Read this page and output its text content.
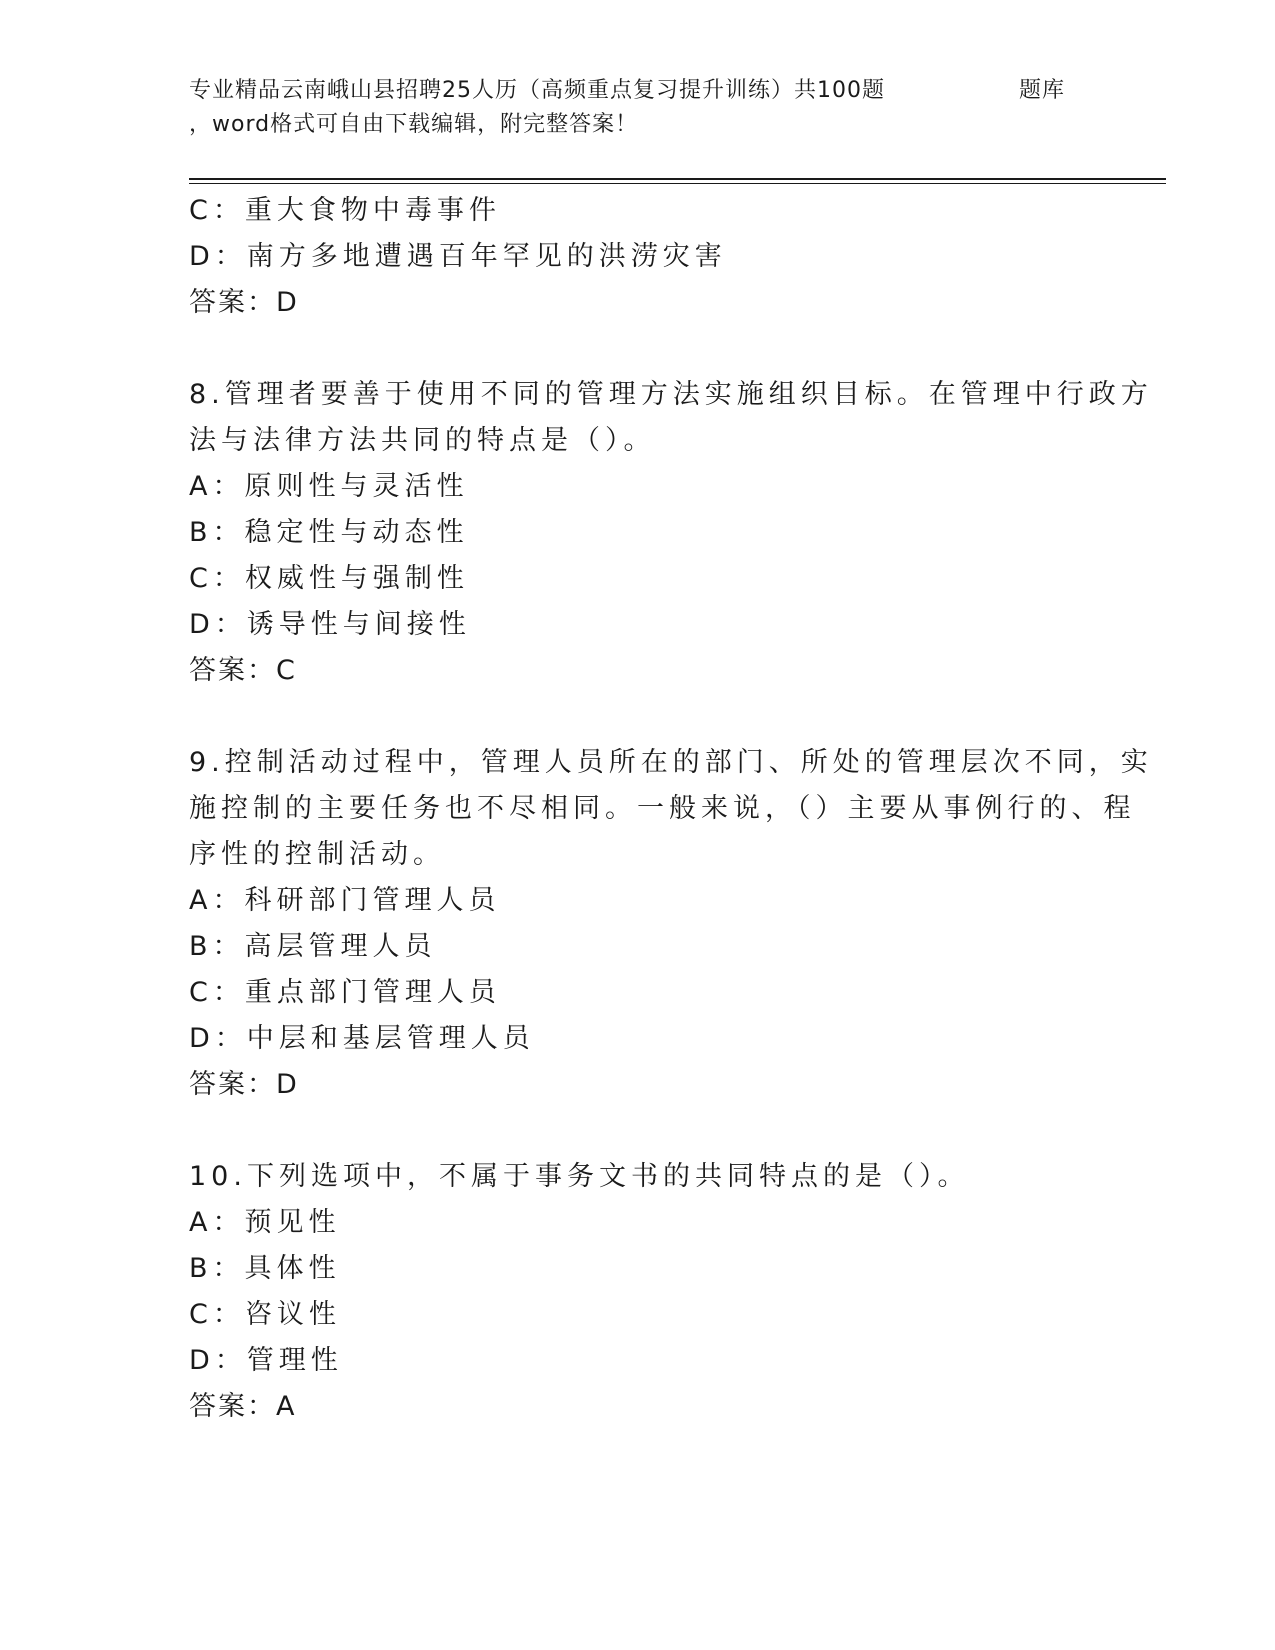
专业精品云南峨山县招聘25人历（高频重点复习提升训练）共100题	题库
，word格式可自由下载编辑，附完整答案！
C：重大食物中毒事件
D：南方多地遭遇百年罕见的洪涝灾害
答案：D
8.管理者要善于使用不同的管理方法实施组织目标。在管理中行政方
法与法律方法共同的特点是（）。
A：原则性与灵活性
B：稳定性与动态性
C：权威性与强制性
D：诱导性与间接性
答案：C
9.控制活动过程中，管理人员所在的部门、所处的管理层次不同，实
施控制的主要任务也不尽相同。一般来说，（）主要从事例行的、程
序性的控制活动。
A：科研部门管理人员
B：高层管理人员
C：重点部门管理人员
D：中层和基层管理人员
答案：D
10.下列选项中，不属于事务文书的共同特点的是（）。
A：预见性
B：具体性
C：咨议性
D：管理性
答案：A
